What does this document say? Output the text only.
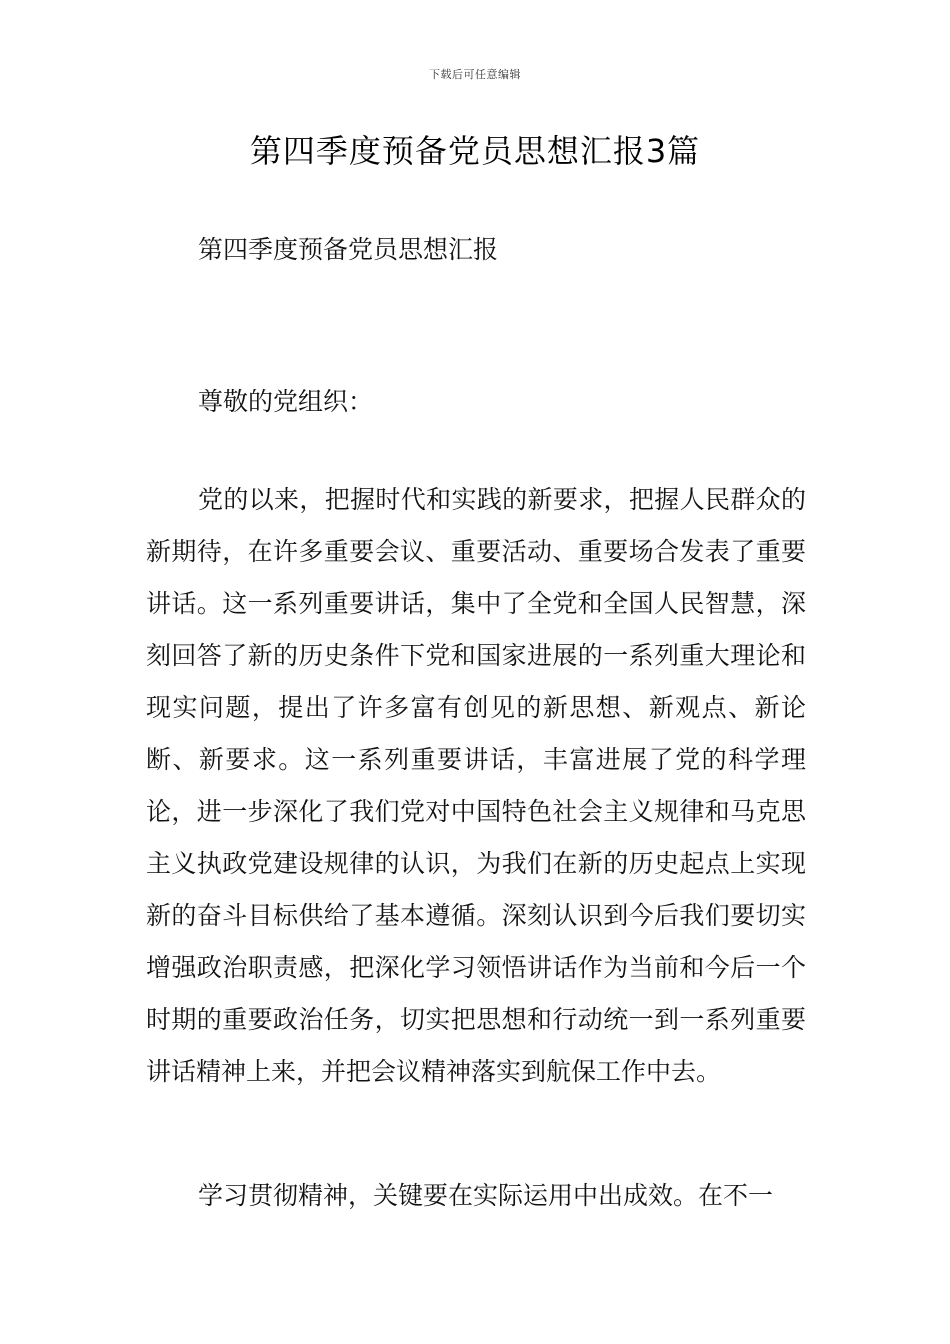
下载后可任意编辑
第四季度预备党员思想汇报3篇

第四季度预备党员思想汇报

尊敬的党组织：

党的以来，把握时代和实践的新要求，把握人民群众的新期待，在许多重要会议、重要活动、重要场合发表了重要讲话。这一系列重要讲话，集中了全党和全国人民智慧，深刻回答了新的历史条件下党和国家进展的一系列重大理论和现实问题，提出了许多富有创见的新思想、新观点、新论断、新要求。这一系列重要讲话，丰富进展了党的科学理论，进一步深化了我们党对中国特色社会主义规律和马克思主义执政党建设规律的认识，为我们在新的历史起点上实现新的奋斗目标供给了基本遵循。深刻认识到今后我们要切实增强政治职责感，把深化学习领悟讲话作为当前和今后一个时期的重要政治任务，切实把思想和行动统一到一系列重要讲话精神上来，并把会议精神落实到航保工作中去。

学习贯彻精神，关键要在实际运用中出成效。在不一
